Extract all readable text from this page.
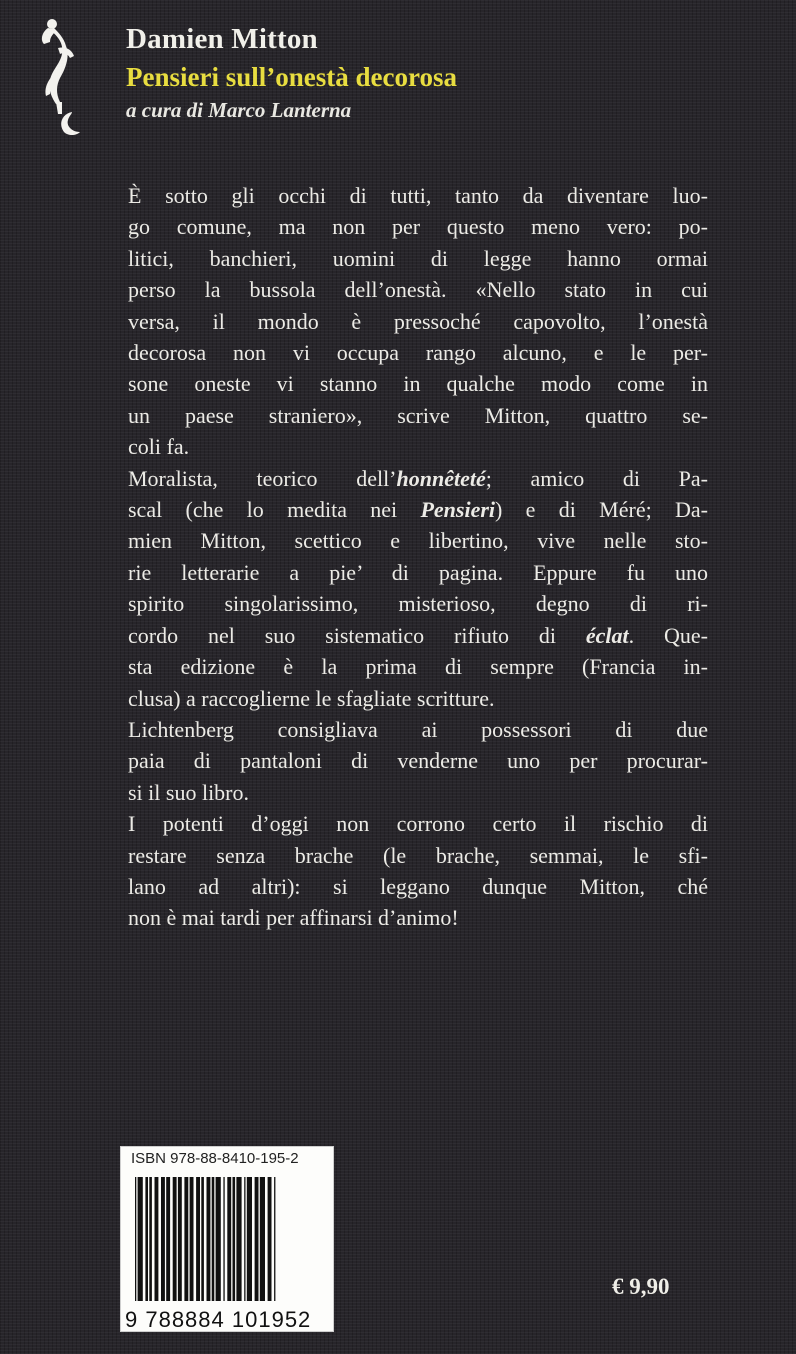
Damien Mitton
Pensieri sull’onestà decorosa
a cura di Marco Lanterna
È sotto gli occhi di tutti, tanto da diventare luo-
go comune, ma non per questo meno vero: po-
litici, banchieri, uomini di legge hanno ormai
perso la bussola dell’onestà. «Nello stato in cui
versa, il mondo è pressoché capovolto, l’onestà
decorosa non vi occupa rango alcuno, e le per-
sone oneste vi stanno in qualche modo come in
un paese straniero», scrive Mitton, quattro se-
coli fa.
Moralista, teorico dell’honnêteté; amico di Pa-
scal (che lo medita nei Pensieri) e di Méré; Da-
mien Mitton, scettico e libertino, vive nelle sto-
rie letterarie a pie’ di pagina. Eppure fu uno
spirito singolarissimo, misterioso, degno di ri-
cordo nel suo sistematico rifiuto di éclat. Que-
sta edizione è la prima di sempre (Francia in-
clusa) a raccoglierne le sfagliate scritture.
Lichtenberg consigliava ai possessori di due
paia di pantaloni di venderne uno per procurar-
si il suo libro.
I potenti d’oggi non corrono certo il rischio di
restare senza brache (le brache, semmai, le sfi-
lano ad altri): si leggano dunque Mitton, ché
non è mai tardi per affinarsi d’animo!
ISBN 978-88-8410-195-2
9 788884 101952
€ 9,90
